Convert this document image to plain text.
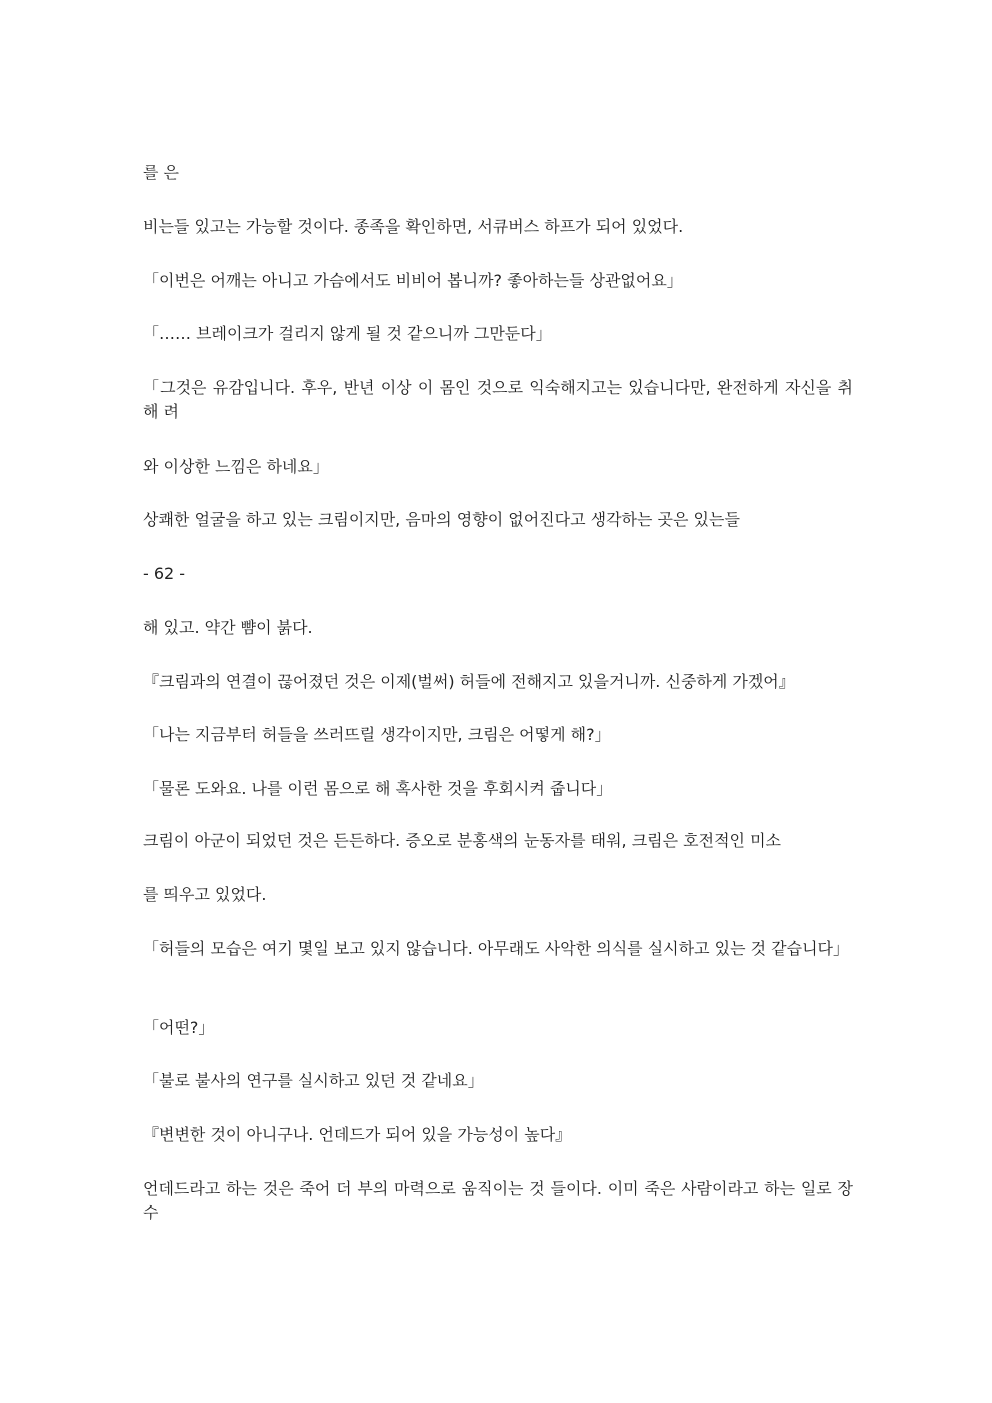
를 은
비는들 있고는 가능할 것이다. 종족을 확인하면, 서큐버스 하프가 되어 있었다.
「이번은 어깨는 아니고 가슴에서도 비비어 봅니까? 좋아하는들 상관없어요」
「…… 브레이크가 걸리지 않게 될 것 같으니까 그만둔다」
「그것은 유감입니다. 후우, 반년 이상 이 몸인 것으로 익숙해지고는 있습니다만, 완전하게 자신을 취해 려
와 이상한 느낌은 하네요」
상쾌한 얼굴을 하고 있는 크림이지만, 음마의 영향이 없어진다고 생각하는 곳은 있는들
- 62 -
해 있고. 약간 뺨이 붉다.
『크림과의 연결이 끊어졌던 것은 이제(벌써) 허들에 전해지고 있을거니까. 신중하게 가겠어』
「나는 지금부터 허들을 쓰러뜨릴 생각이지만, 크림은 어떻게 해?」
「물론 도와요. 나를 이런 몸으로 해 혹사한 것을 후회시켜 줍니다」
크림이 아군이 되었던 것은 든든하다. 증오로 분홍색의 눈동자를 태워, 크림은 호전적인 미소
를 띄우고 있었다.
「허들의 모습은 여기 몇일 보고 있지 않습니다. 아무래도 사악한 의식를 실시하고 있는 것 같습니다」
「어떤?」
「불로 불사의 연구를 실시하고 있던 것 같네요」
『변변한 것이 아니구나. 언데드가 되어 있을 가능성이 높다』
언데드라고 하는 것은 죽어 더 부의 마력으로 움직이는 것 들이다. 이미 죽은 사람이라고 하는 일로 장수
